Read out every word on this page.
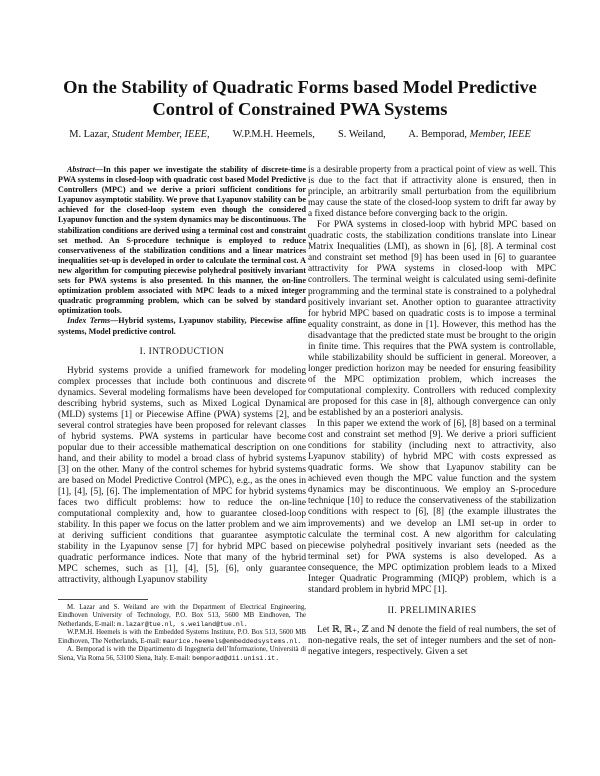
On the Stability of Quadratic Forms based Model Predictive Control of Constrained PWA Systems
M. Lazar, Student Member, IEEE, W.P.M.H. Heemels, S. Weiland, A. Bemporad, Member, IEEE

Abstract—In this paper we investigate the stability of discrete-time PWA systems in closed-loop with quadratic cost based Model Predictive Controllers (MPC) and we derive a priori sufficient conditions for Lyapunov asymptotic stability. We prove that Lyapunov stability can be achieved for the closed-loop system even though the considered Lyapunov function and the system dynamics may be discontinuous. The stabilization conditions are derived using a terminal cost and constraint set method. An S-procedure technique is employed to reduce conservativeness of the stabilization conditions and a linear matrices inequalities set-up is developed in order to calculate the terminal cost. A new algorithm for computing piecewise polyhedral positively invariant sets for PWA systems is also presented. In this manner, the on-line optimization problem associated with MPC leads to a mixed integer quadratic programming problem, which can be solved by standard optimization tools.

Index Terms—Hybrid systems, Lyapunov stability, Piecewise affine systems, Model predictive control.

I. INTRODUCTION

Hybrid systems provide a unified framework for modeling complex processes that include both continuous and discrete dynamics. Several modeling formalisms have been developed for describing hybrid systems, such as Mixed Logical Dynamical (MLD) systems [1] or Piecewise Affine (PWA) systems [2], and several control strategies have been proposed for relevant classes of hybrid systems. PWA systems in particular have become popular due to their accessible mathematical description on one hand, and their ability to model a broad class of hybrid systems [3] on the other. Many of the control schemes for hybrid systems are based on Model Predictive Control (MPC), e.g., as the ones in [1], [4], [5], [6]. The implementation of MPC for hybrid systems faces two difficult problems: how to reduce the on-line computational complexity and, how to guarantee closed-loop stability. In this paper we focus on the latter problem and we aim at deriving sufficient conditions that guarantee asymptotic stability in the Lyapunov sense [7] for hybrid MPC based on quadratic performance indices. Note that many of the hybrid MPC schemes, such as [1], [4], [5], [6], only guarantee attractivity, although Lyapunov stability

M. Lazar and S. Weiland are with the Department of Electrical Engineering, Eindhoven University of Technology, P.O. Box 513, 5600 MB Eindhoven, The Netherlands, E-mail: m.lazar@tue.nl, s.weiland@tue.nl.

W.P.M.H. Heemels is with the Embedded Systems Institute, P.O. Box 513, 5600 MB Eindhoven, The Netherlands, E-mail: maurice.heemels@embeddedsystems.nl.

A. Bemporad is with the Dipartimento di Ingegneria dell’Informazione, Università di Siena, Via Roma 56, 53100 Siena, Italy. E-mail: bemporad@dii.unisi.it.

is a desirable property from a practical point of view as well. This is due to the fact that if attractivity alone is ensured, then in principle, an arbitrarily small perturbation from the equilibrium may cause the state of the closed-loop system to drift far away by a fixed distance before converging back to the origin.

For PWA systems in closed-loop with hybrid MPC based on quadratic costs, the stabilization conditions translate into Linear Matrix Inequalities (LMI), as shown in [6], [8]. A terminal cost and constraint set method [9] has been used in [6] to guarantee attractivity for PWA systems in closed-loop with MPC controllers. The terminal weight is calculated using semi-definite programming and the terminal state is constrained to a polyhedral positively invariant set. Another option to guarantee attractivity for hybrid MPC based on quadratic costs is to impose a terminal equality constraint, as done in [1]. However, this method has the disadvantage that the predicted state must be brought to the origin in finite time. This requires that the PWA system is controllable, while stabilizability should be sufficient in general. Moreover, a longer prediction horizon may be needed for ensuring feasibility of the MPC optimization problem, which increases the computational complexity. Controllers with reduced complexity are proposed for this case in [8], although convergence can only be established by an a posteriori analysis.

In this paper we extend the work of [6], [8] based on a terminal cost and constraint set method [9]. We derive a priori sufficient conditions for stability (including next to attractivity, also Lyapunov stability) of hybrid MPC with costs expressed as quadratic forms. We show that Lyapunov stability can be achieved even though the MPC value function and the system dynamics may be discontinuous. We employ an S-procedure technique [10] to reduce the conservativeness of the stabilization conditions with respect to [6], [8] (the example illustrates the improvements) and we develop an LMI set-up in order to calculate the terminal cost. A new algorithm for calculating piecewise polyhedral positively invariant sets (needed as the terminal set) for PWA systems is also developed. As a consequence, the MPC optimization problem leads to a Mixed Integer Quadratic Programming (MIQP) problem, which is a standard problem in hybrid MPC [1].

II. PRELIMINARIES

Let ℝ, ℝ₊, ℤ and ℕ denote the field of real numbers, the set of non-negative reals, the set of integer numbers and the set of non-negative integers, respectively. Given a set
